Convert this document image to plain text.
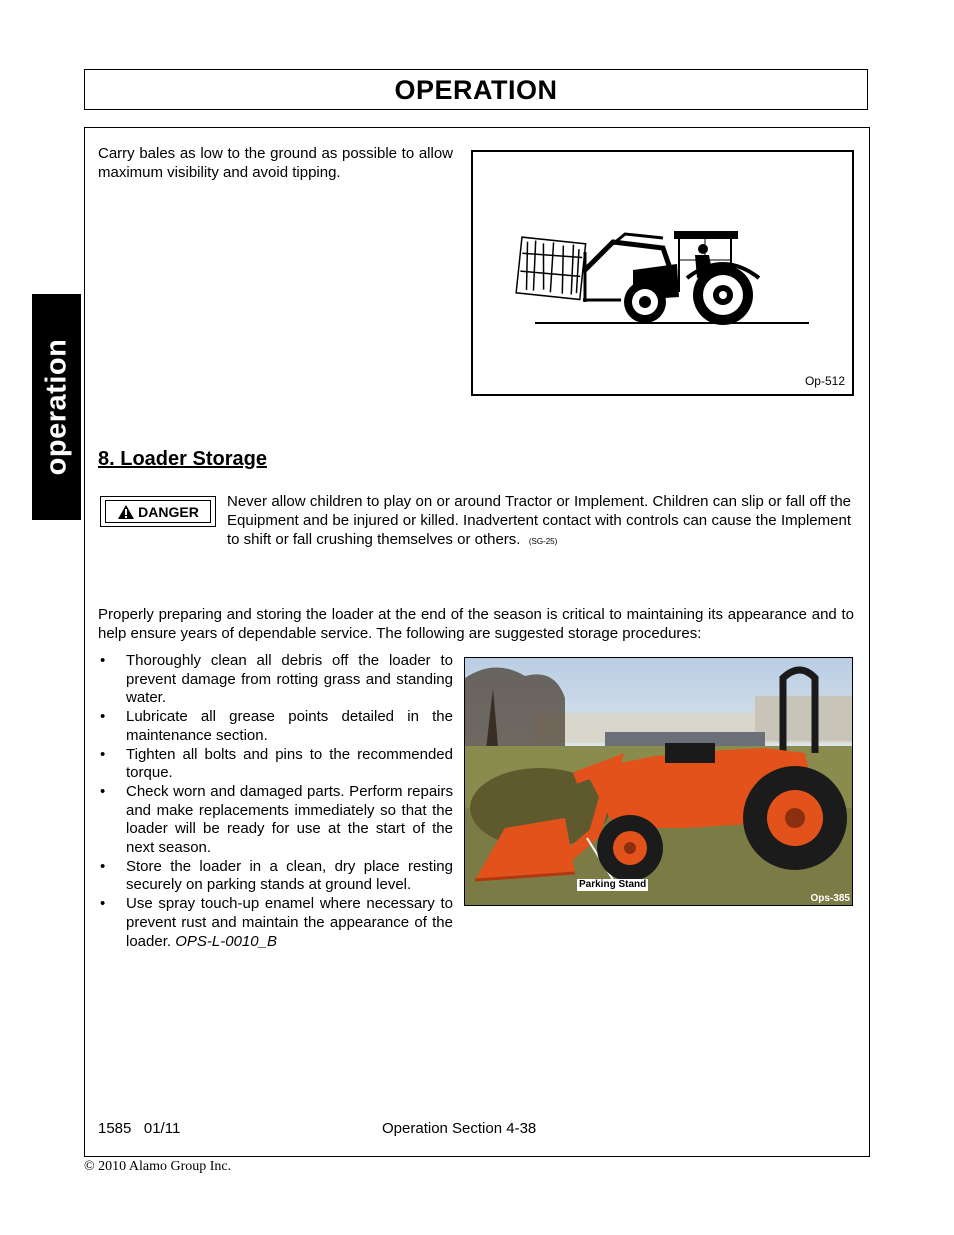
OPERATION
operation
Carry bales as low to the ground as possible to allow maximum visibility and avoid tipping.
Op-512
8. Loader Storage
DANGER
Never allow children to play on or around Tractor or Implement. Children can slip or fall off the Equipment and be injured or killed. Inadvertent contact with controls can cause the Implement to shift or fall crushing themselves or others. (SG-25)
Properly preparing and storing the loader at the end of the season is critical to maintaining its appearance and to help ensure years of dependable service. The following are suggested storage procedures:
• Thoroughly clean all debris off the loader to prevent damage from rotting grass and standing water.
• Lubricate all grease points detailed in the maintenance section.
• Tighten all bolts and pins to the recommended torque.
• Check worn and damaged parts. Perform repairs and make replacements immediately so that the loader will be ready for use at the start of the next season.
• Store the loader in a clean, dry place resting securely on parking stands at ground level.
• Use spray touch-up enamel where necessary to prevent rust and maintain the appearance of the loader. OPS-L-0010_B
Parking Stand
Ops-385
1585   01/11	Operation Section 4-38
© 2010 Alamo Group Inc.
